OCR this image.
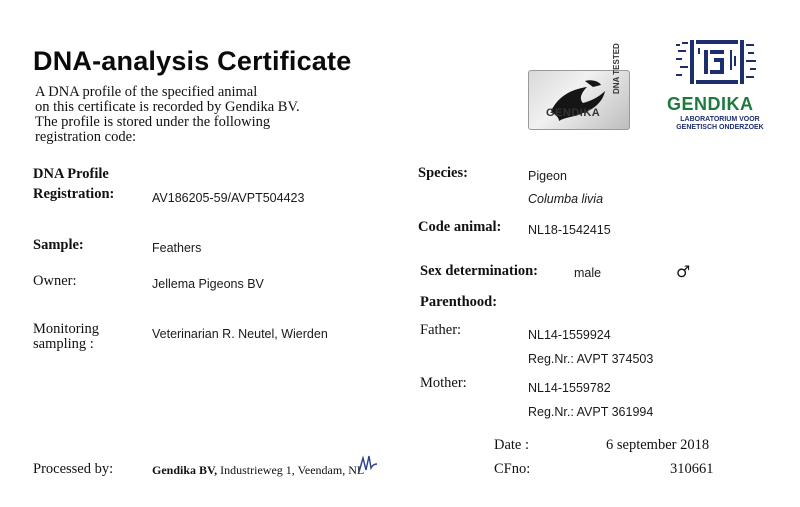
DNA-analysis Certificate
A DNA profile of the specified animal
on this certificate is recorded by Gendika BV.
The profile is stored under the following
registration code:
GENDIKA
DNA TESTED
GENDIKA
LABORATORIUM VOOR GENETISCH ONDERZOEK
DNA Profile
Registration:	AV186205-59/AVPT504423
Sample:	Feathers
Owner:	Jellema Pigeons BV
Monitoring sampling :
Veterinarian R. Neutel, Wierden
Species:	Pigeon
Columba livia
Code animal: NL18-1542415
Sex determination:	male	♂
Parenthood:
Father:	NL14-1559924
Reg.Nr.: AVPT 374503
Mother:	NL14-1559782
Reg.Nr.: AVPT 361994
Date :	6 september 2018
Processed by:	Gendika BV, Industrieweg 1, Veendam, NL	CFno:	310661
